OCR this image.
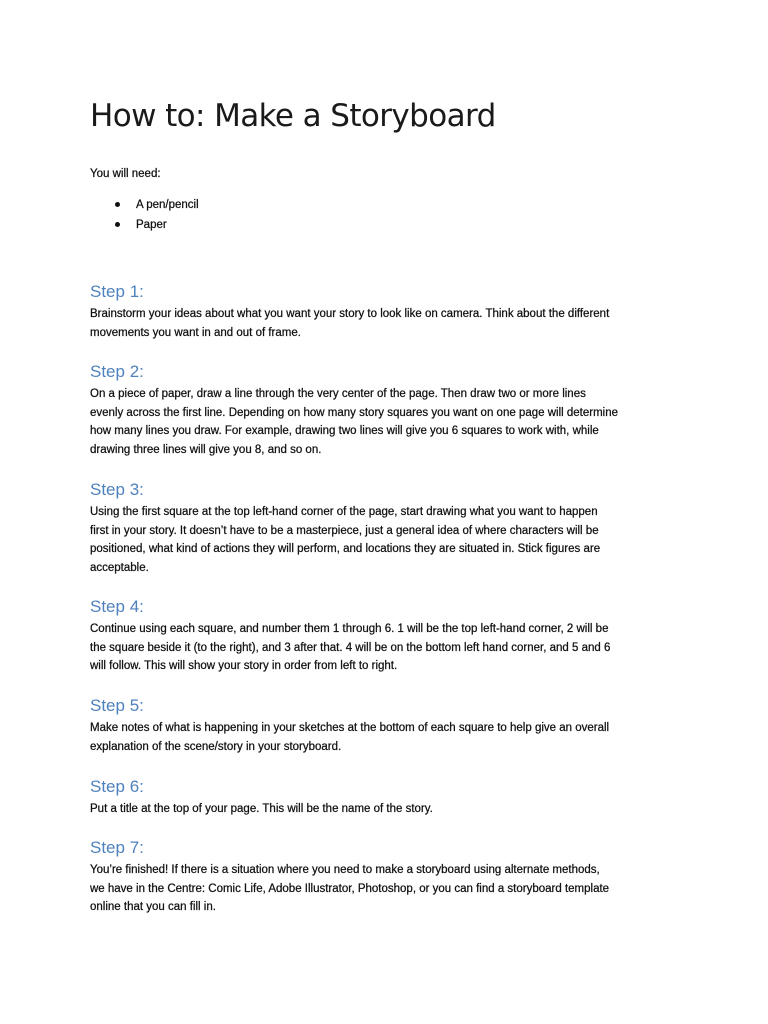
How to: Make a Storyboard
You will need:
A pen/pencil
Paper
Step 1:

Brainstorm your ideas about what you want your story to look like on camera. Think about the different
movements you want in and out of frame.

Step 2:

On a piece of paper, draw a line through the very center of the page. Then draw two or more lines
evenly across the first line. Depending on how many story squares you want on one page will determine
how many lines you draw. For example, drawing two lines will give you 6 squares to work with, while
drawing three lines will give you 8, and so on.

Step 3:

Using the first square at the top left-hand corner of the page, start drawing what you want to happen
first in your story. It doesn’t have to be a masterpiece, just a general idea of where characters will be
positioned, what kind of actions they will perform, and locations they are situated in. Stick figures are
acceptable.

Step 4:

Continue using each square, and number them 1 through 6. 1 will be the top left-hand corner, 2 will be
the square beside it (to the right), and 3 after that. 4 will be on the bottom left hand corner, and 5 and 6
will follow. This will show your story in order from left to right.

Step 5:

Make notes of what is happening in your sketches at the bottom of each square to help give an overall
explanation of the scene/story in your storyboard.

Step 6:

Put a title at the top of your page. This will be the name of the story.

Step 7:

You’re finished! If there is a situation where you need to make a storyboard using alternate methods,
we have in the Centre: Comic Life, Adobe Illustrator, Photoshop, or you can find a storyboard template
online that you can fill in.
